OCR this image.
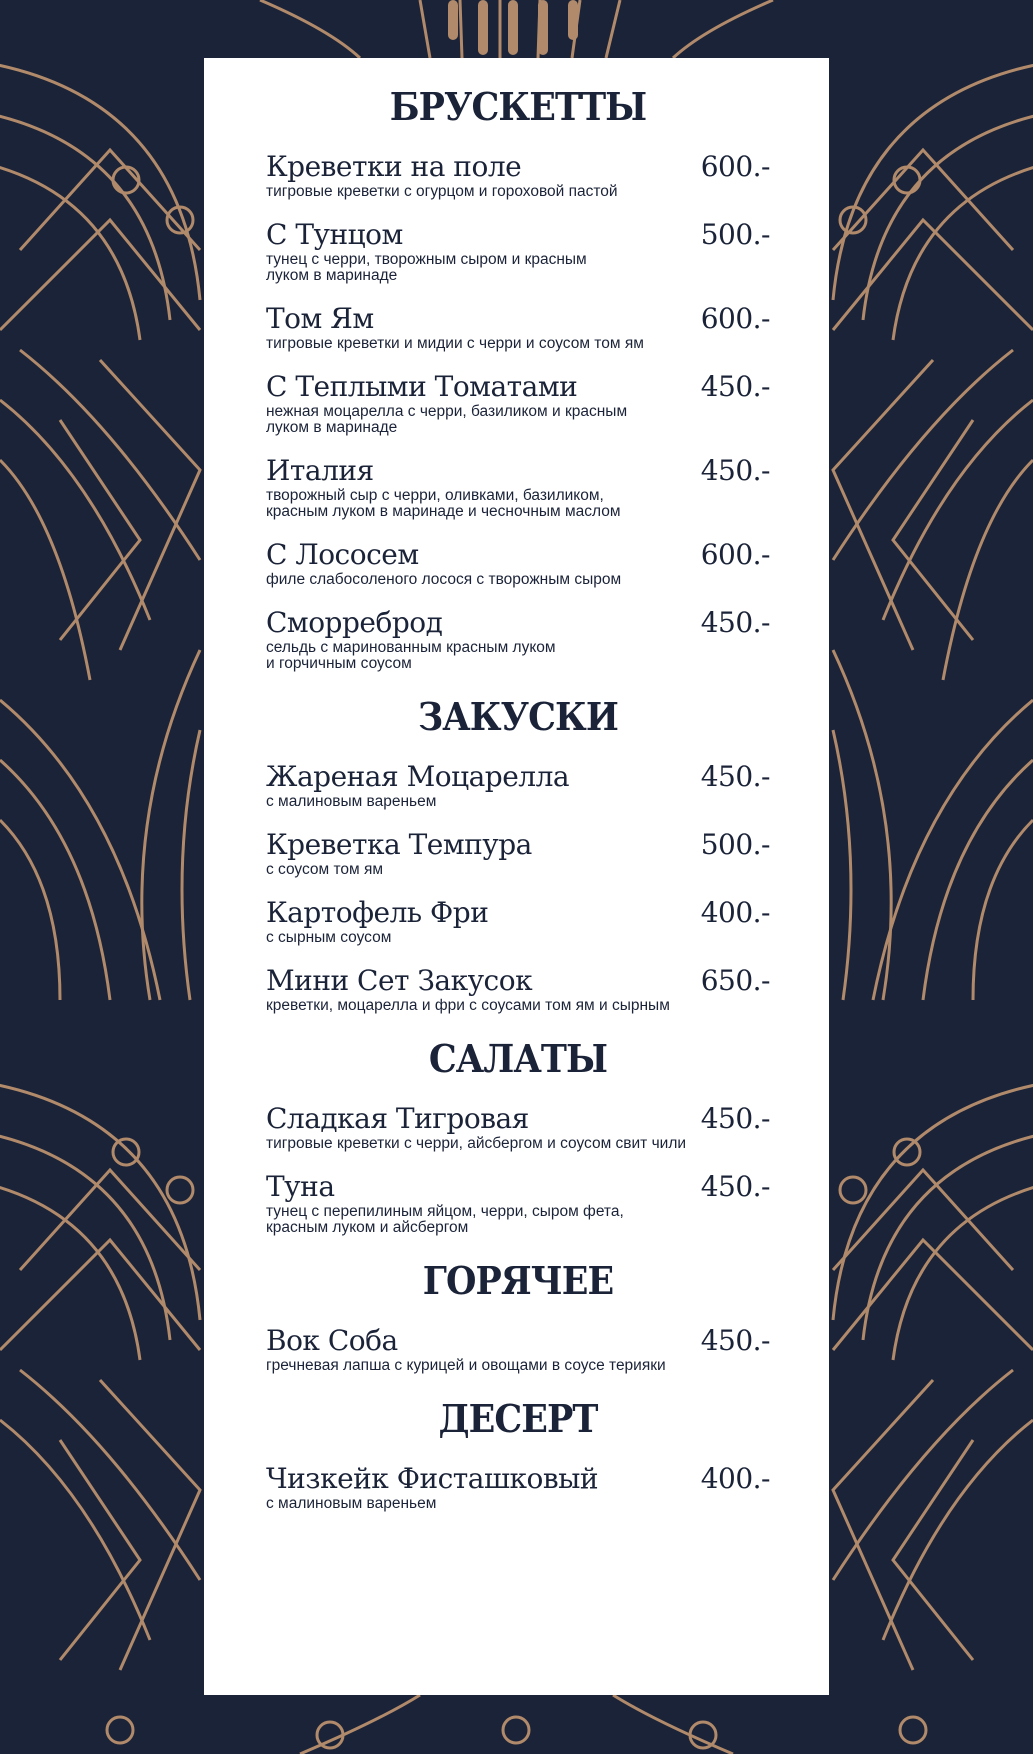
БРУСКЕТТЫ
Креветки на поле	600.-
тигровые креветки с огурцом и гороховой пастой
С Тунцом	500.-
тунец с черри, творожным сыром и красным
луком в маринаде
Том Ям	600.-
тигровые креветки и мидии с черри и соусом том ям
С Теплыми Томатами	450.-
нежная моцарелла с черри, базиликом и красным
луком в маринаде
Италия	450.-
творожный сыр с черри, оливками, базиликом,
красным луком в маринаде и чесночным маслом
С Лососем	600.-
филе слабосоленого лосося с творожным сыром
Сморреброд	450.-
сельдь с маринованным красным луком
и горчичным соусом
ЗАКУСКИ
Жареная Моцарелла	450.-
с малиновым вареньем
Креветка Темпура	500.-
с соусом том ям
Картофель Фри	400.-
с сырным соусом
Мини Сет Закусок	650.-
креветки, моцарелла и фри с соусами том ям и сырным
САЛАТЫ
Сладкая Тигровая	450.-
тигровые креветки с черри, айсбергом и соусом свит чили
Туна	450.-
тунец с перепилиным яйцом, черри, сыром фета,
красным луком и айсбергом
ГОРЯЧЕЕ
Вок Соба	450.-
гречневая лапша с курицей и овощами в соусе терияки
ДЕСЕРТ
Чизкейк Фисташковый	400.-
с малиновым вареньем
